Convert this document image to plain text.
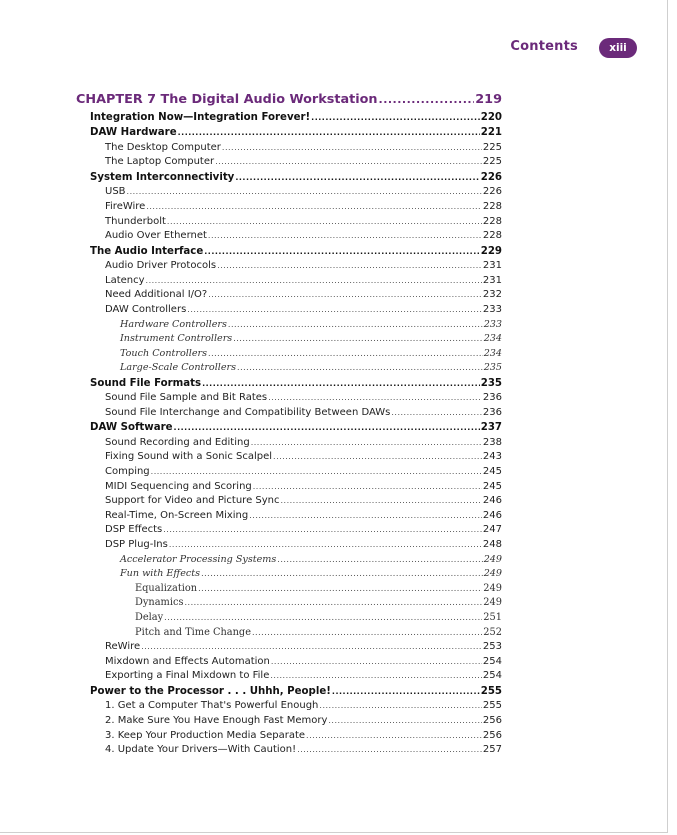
Contents	xiii
CHAPTER 7 The Digital Audio Workstation .....	219
Integration Now—Integration Forever! .....	220
DAW Hardware .....	221
The Desktop Computer .....	225
The Laptop Computer .....	225
System Interconnectivity .....	226
USB .....	226
FireWire .....	228
Thunderbolt .....	228
Audio Over Ethernet .....	228
The Audio Interface .....	229
Audio Driver Protocols .....	231
Latency .....	231
Need Additional I/O? .....	232
DAW Controllers .....	233
Hardware Controllers .....	233
Instrument Controllers .....	234
Touch Controllers .....	234
Large-Scale Controllers .....	235
Sound File Formats .....	235
Sound File Sample and Bit Rates .....	236
Sound File Interchange and Compatibility Between DAWs .....	236
DAW Software .....	237
Sound Recording and Editing .....	238
Fixing Sound with a Sonic Scalpel .....	243
Comping .....	245
MIDI Sequencing and Scoring .....	245
Support for Video and Picture Sync .....	246
Real-Time, On-Screen Mixing .....	246
DSP Effects .....	247
DSP Plug-Ins .....	248
Accelerator Processing Systems .....	249
Fun with Effects .....	249
Equalization .....	249
Dynamics .....	249
Delay .....	251
Pitch and Time Change .....	252
ReWire .....	253
Mixdown and Effects Automation .....	254
Exporting a Final Mixdown to File .....	254
Power to the Processor . . . Uhhh, People! .....	255
1. Get a Computer That's Powerful Enough .....	255
2. Make Sure You Have Enough Fast Memory .....	256
3. Keep Your Production Media Separate .....	256
4. Update Your Drivers—With Caution! .....	257
